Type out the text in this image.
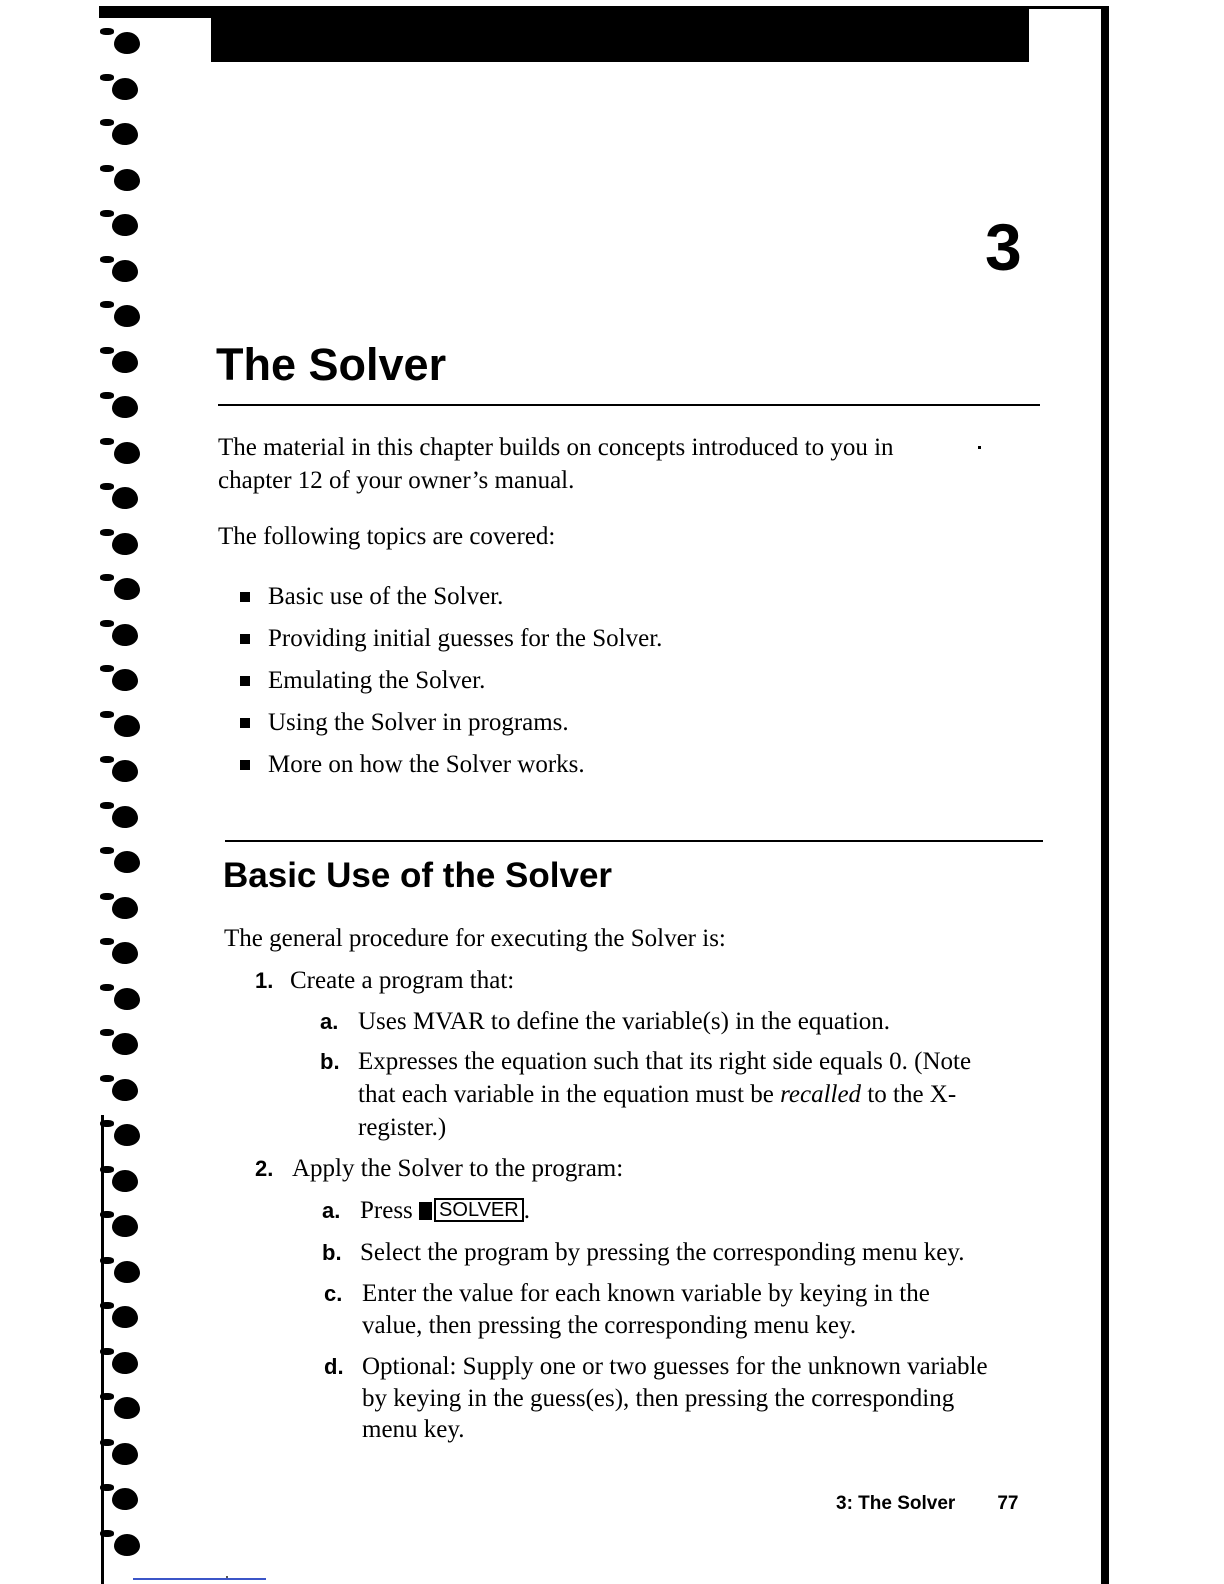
3
The Solver
The material in this chapter builds on concepts introduced to you in
chapter 12 of your owner’s manual.
The following topics are covered:
Basic use of the Solver.
Providing initial guesses for the Solver.
Emulating the Solver.
Using the Solver in programs.
More on how the Solver works.
Basic Use of the Solver
The general procedure for executing the Solver is:
1. Create a program that:
a. Uses MVAR to define the variable(s) in the equation.
b. Expresses the equation such that its right side equals 0. (Note
that each variable in the equation must be recalled to the X-
register.)
2. Apply the Solver to the program:
a. Press SOLVER .
b. Select the program by pressing the corresponding menu key.
c. Enter the value for each known variable by keying in the
value, then pressing the corresponding menu key.
d. Optional: Supply one or two guesses for the unknown variable
by keying in the guess(es), then pressing the corresponding
menu key.
3: The Solver 77
